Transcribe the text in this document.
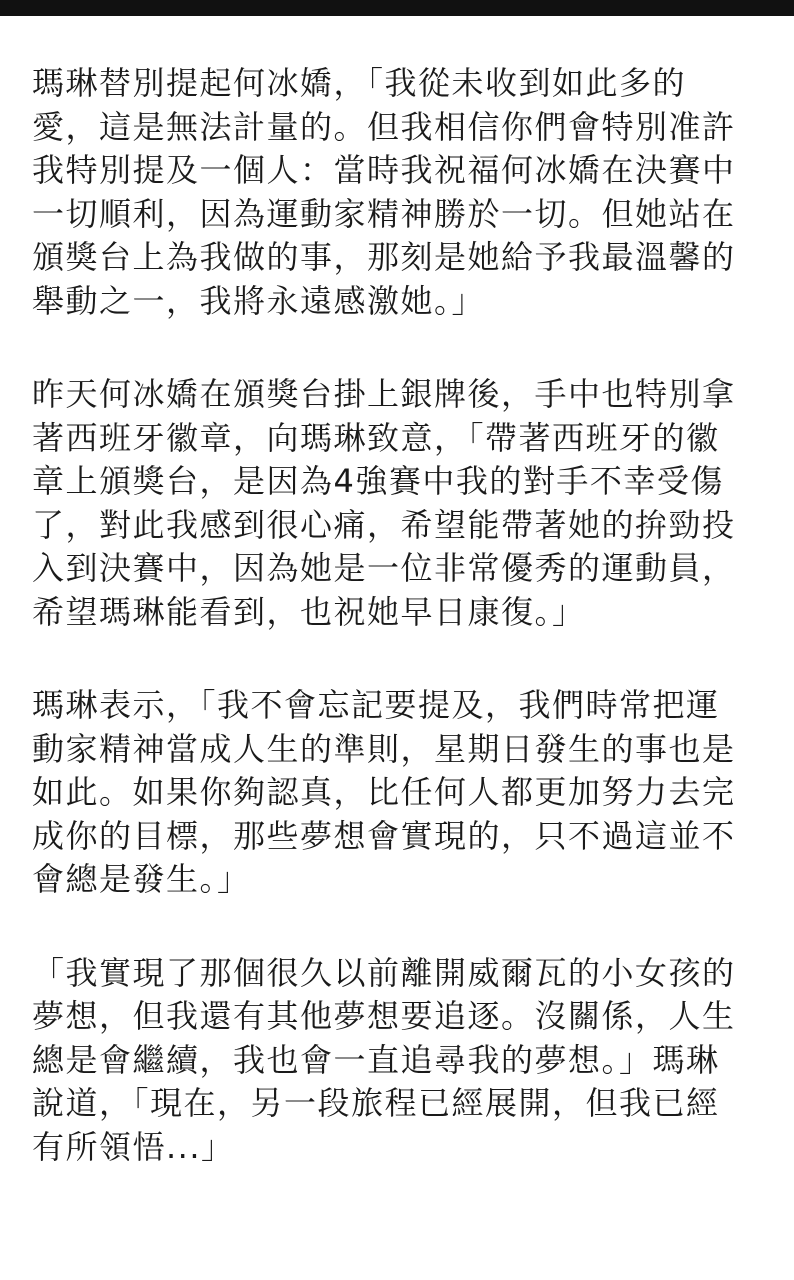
瑪琳替別提起何冰嬌，「我從未收到如此多的
愛，這是無法計量的。但我相信你們會特別准許
我特別提及一個人：當時我祝福何冰嬌在決賽中
一切順利，因為運動家精神勝於一切。但她站在
頒獎台上為我做的事，那刻是她給予我最溫馨的
舉動之一，我將永遠感激她。」
昨天何冰嬌在頒獎台掛上銀牌後，手中也特別拿
著西班牙徽章，向瑪琳致意，「帶著西班牙的徽
章上頒獎台，是因為4強賽中我的對手不幸受傷
了，對此我感到很心痛，希望能帶著她的拚勁投
入到決賽中，因為她是一位非常優秀的運動員，
希望瑪琳能看到，也祝她早日康復。」
瑪琳表示，「我不會忘記要提及，我們時常把運
動家精神當成人生的準則，星期日發生的事也是
如此。如果你夠認真，比任何人都更加努力去完
成你的目標，那些夢想會實現的，只不過這並不
會總是發生。」
「我實現了那個很久以前離開威爾瓦的小女孩的
夢想，但我還有其他夢想要追逐。沒關係，人生
總是會繼續，我也會一直追尋我的夢想。」瑪琳
說道，「現在，另一段旅程已經展開，但我已經
有所領悟...」
